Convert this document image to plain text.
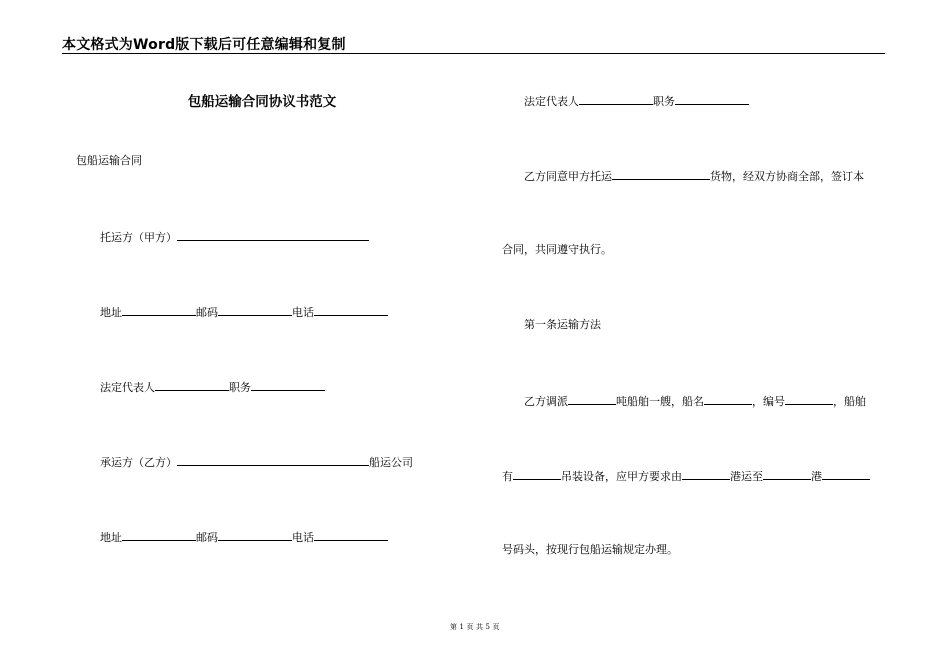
本文格式为Word版下载后可任意编辑和复制
包船运输合同协议书范文
包船运输合同
托运方（甲方）
地址	邮码	电话
法定代表人	职务
承运方（乙方）	船运公司
地址	邮码	电话
法定代表人	职务
乙方同意甲方托运	货物，经双方协商全部，签订本
合同，共同遵守执行。
第一条运输方法
乙方调派	吨船舶一艘，船名	，编号	，船舶
有	吊装设备，应甲方要求由	港运至	港
号码头，按现行包船运输规定办理。
第 1 页 共 5 页
